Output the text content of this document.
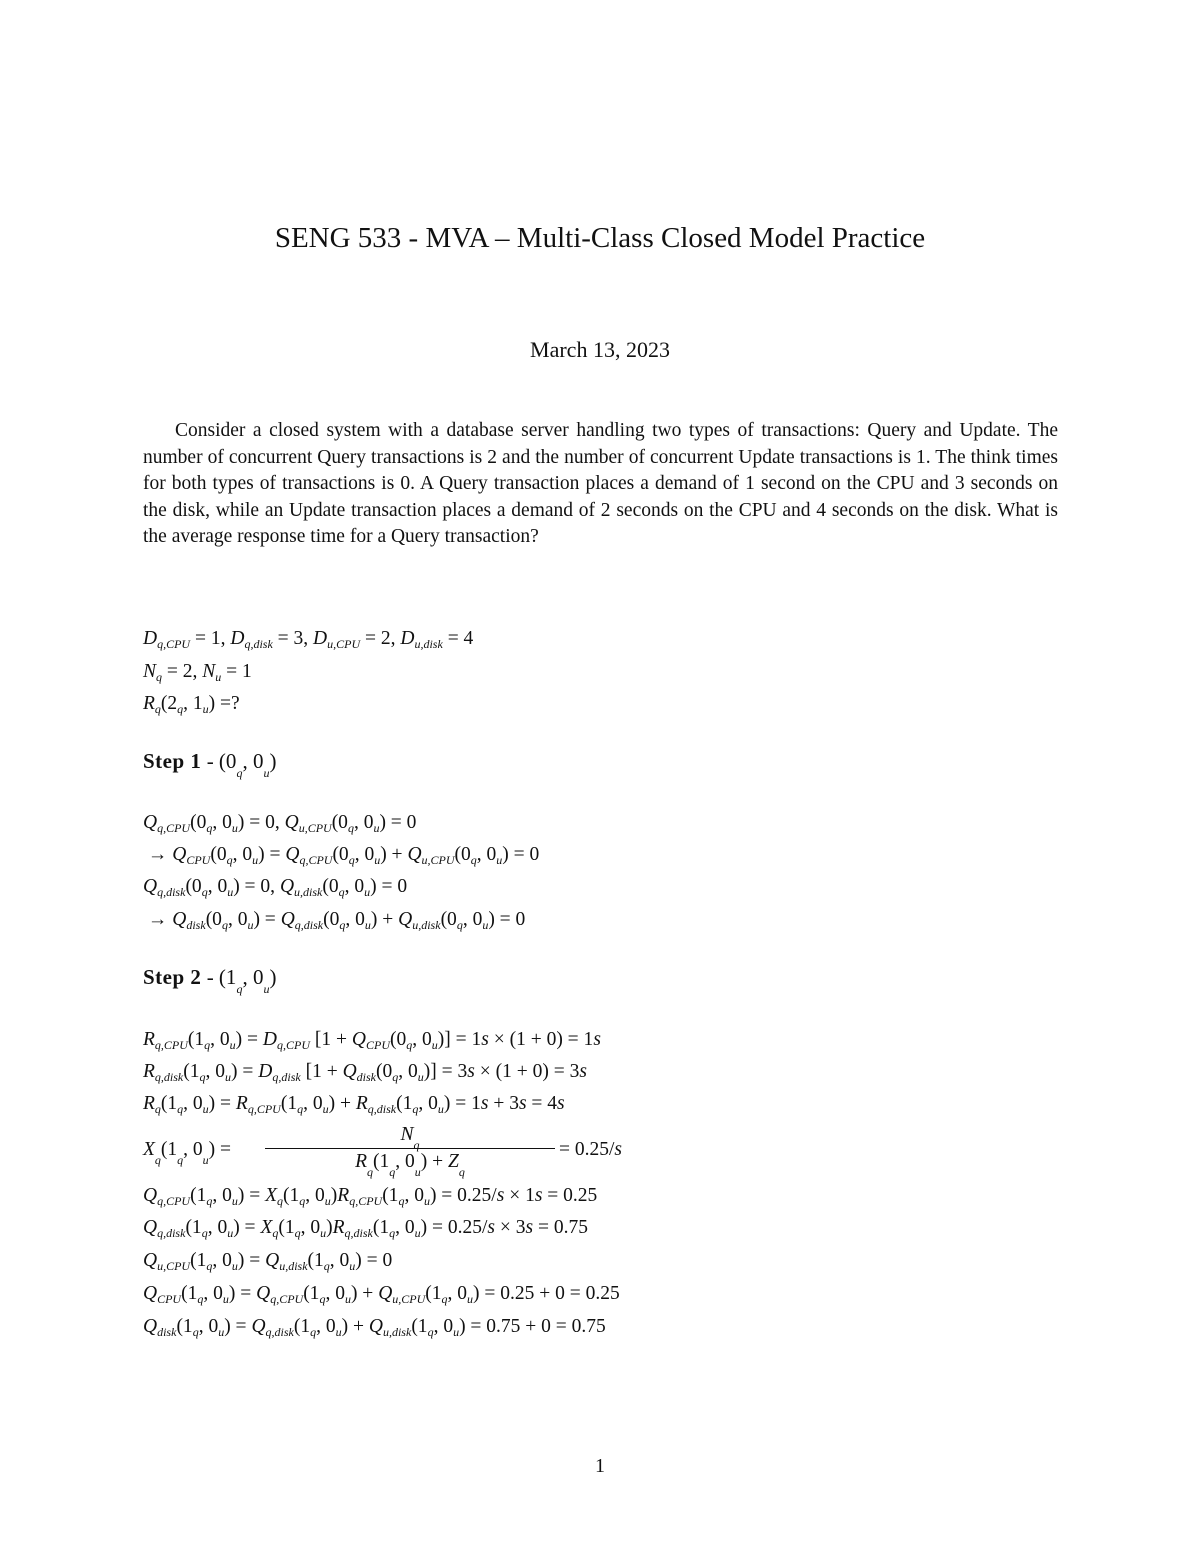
SENG 533 - MVA – Multi-Class Closed Model Practice
March 13, 2023
Consider a closed system with a database server handling two types of transactions: Query and Update. The number of concurrent Query transactions is 2 and the number of concurrent Update transactions is 1. The think times for both types of transactions is 0. A Query transaction places a demand of 1 second on the CPU and 3 seconds on the disk, while an Update transaction places a demand of 2 seconds on the CPU and 4 seconds on the disk. What is the average response time for a Query transaction?
$D_{q,CPU} = 1$, $D_{q,disk} = 3$, $D_{u,CPU} = 2$, $D_{u,disk} = 4$
$N_q = 2$, $N_u = 1$
$R_q(2_q$, $1_u$) =?
Step $1 - (0_q$, $0_u$)
$Q_{q,CPU}(0_q$, $0_u) = 0$, $Q_{u,CPU}(0_q$, $0_u) = 0$
→ $Q_{CPU}(0_q$, $0_u) = Q_{q,CPU}(0_q$, $0_u) + Q_{u,CPU}(0_q$, $0_u) = 0$
$Q_{q,disk}(0_q$, $0_u) = 0$, $Q_{u,disk}(0_q$, $0_u) = 0$
→ $Q_{disk}(0_q$, $0_u) = Q_{q,disk}(0_q$, $0_u) + Q_{u,disk}(0_q$, $0_u) = 0$
Step $2 - (1_q$, $0_u$)
$R_{q,CPU}(1_q$, $0_u) = D_{q,CPU}$ [$1 + Q_{CPU}(0_q$, $0_u)] = 1s \times (1 + 0) = 1s$
$R_{q,disk}(1_q$, $0_u) = D_{q,disk}$ [$1 + Q_{disk}(0_q$, $0_u)] = 3s \times (1 + 0) = 3s$
$R_q(1_q$, $0_u) = R_{q,CPU}(1_q$, $0_u) + R_{q,disk}(1_q$, $0_u) = 1s + 3s = 4s$
$X_q(1_q$, $0_u$) =
$N_q$
$R_q(1_q$, $0_u) + Z_q$
= 0.25/s
$Q_{q,CPU}(1_q$, $0_u) = X_q(1_q$, $0_u)R_{q,CPU}(1_q$, $0_u) = 0.25/s \times 1s = 0.25$
$Q_{q,disk}(1_q$, $0_u) = X_q(1_q$, $0_u)R_{q,disk}(1_q$, $0_u) = 0.25/s \times 3s = 0.75$
$Q_{u,CPU}(1_q$, $0_u) = Q_{u,disk}(1_q$, $0_u) = 0$
$Q_{CPU}(1_q$, $0_u) = Q_{q,CPU}(1_q$, $0_u) + Q_{u,CPU}(1_q$, $0_u) = 0.25 + 0 = 0.25$
$Q_{disk}(1_q$, $0_u) = Q_{q,disk}(1_q$, $0_u) + Q_{u,disk}(1_q$, $0_u) = 0.75 + 0 = 0.75$
1
